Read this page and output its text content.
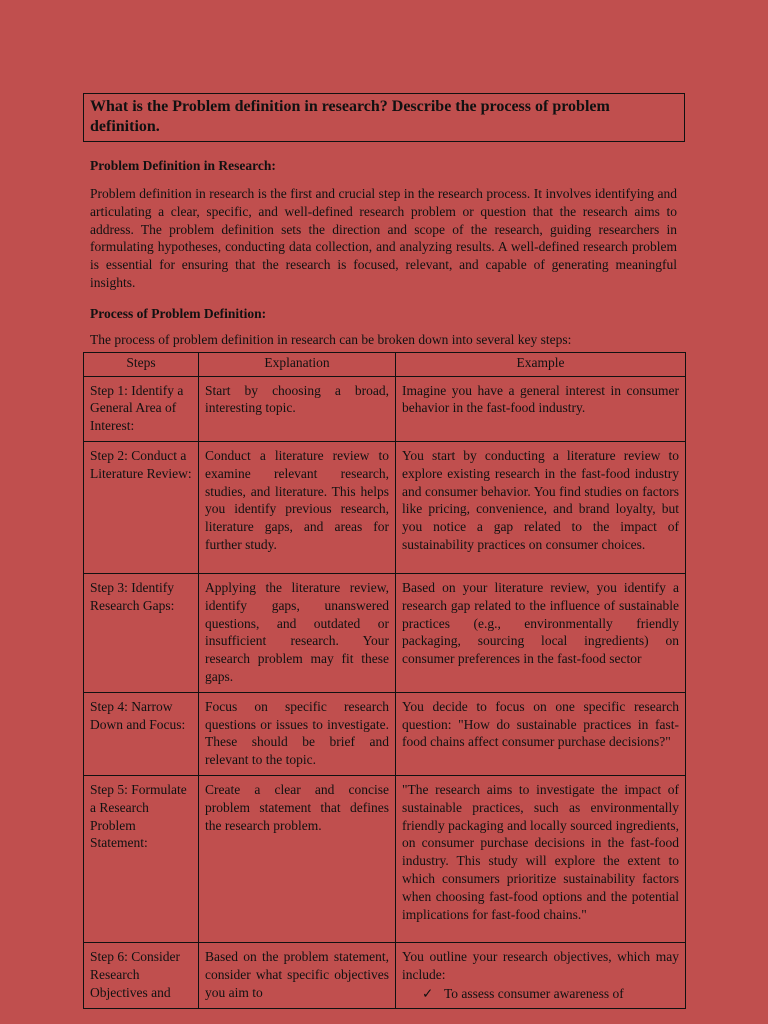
What is the Problem definition in research? Describe the process of problem definition.
Problem Definition in Research:
Problem definition in research is the first and crucial step in the research process. It involves identifying and articulating a clear, specific, and well-defined research problem or question that the research aims to address. The problem definition sets the direction and scope of the research, guiding researchers in formulating hypotheses, conducting data collection, and analyzing results. A well-defined research problem is essential for ensuring that the research is focused, relevant, and capable of generating meaningful insights.
Process of Problem Definition:
The process of problem definition in research can be broken down into several key steps:
Steps	Explanation	Example
Step 1: Identify a General Area of Interest:	Start by choosing a broad, interesting topic.	Imagine you have a general interest in consumer behavior in the fast-food industry.
Step 2: Conduct a Literature Review:	Conduct a literature review to examine relevant research, studies, and literature. This helps you identify previous research, literature gaps, and areas for further study.	You start by conducting a literature review to explore existing research in the fast-food industry and consumer behavior. You find studies on factors like pricing, convenience, and brand loyalty, but you notice a gap related to the impact of sustainability practices on consumer choices.
Step 3: Identify Research Gaps:	Applying the literature review, identify gaps, unanswered questions, and outdated or insufficient research. Your research problem may fit these gaps.	Based on your literature review, you identify a research gap related to the influence of sustainable practices (e.g., environmentally friendly packaging, sourcing local ingredients) on consumer preferences in the fast-food sector
Step 4: Narrow Down and Focus:	Focus on specific research questions or issues to investigate. These should be brief and relevant to the topic.	You decide to focus on one specific research question: "How do sustainable practices in fast-food chains affect consumer purchase decisions?"
Step 5: Formulate a Research Problem Statement:	Create a clear and concise problem statement that defines the research problem.	"The research aims to investigate the impact of sustainable practices, such as environmentally friendly packaging and locally sourced ingredients, on consumer purchase decisions in the fast-food industry. This study will explore the extent to which consumers prioritize sustainability factors when choosing fast-food options and the potential implications for fast-food chains."
Step 6: Consider Research Objectives and	Based on the problem statement, consider what specific objectives you aim to	You outline your research objectives, which may include:
✓ To assess consumer awareness of
